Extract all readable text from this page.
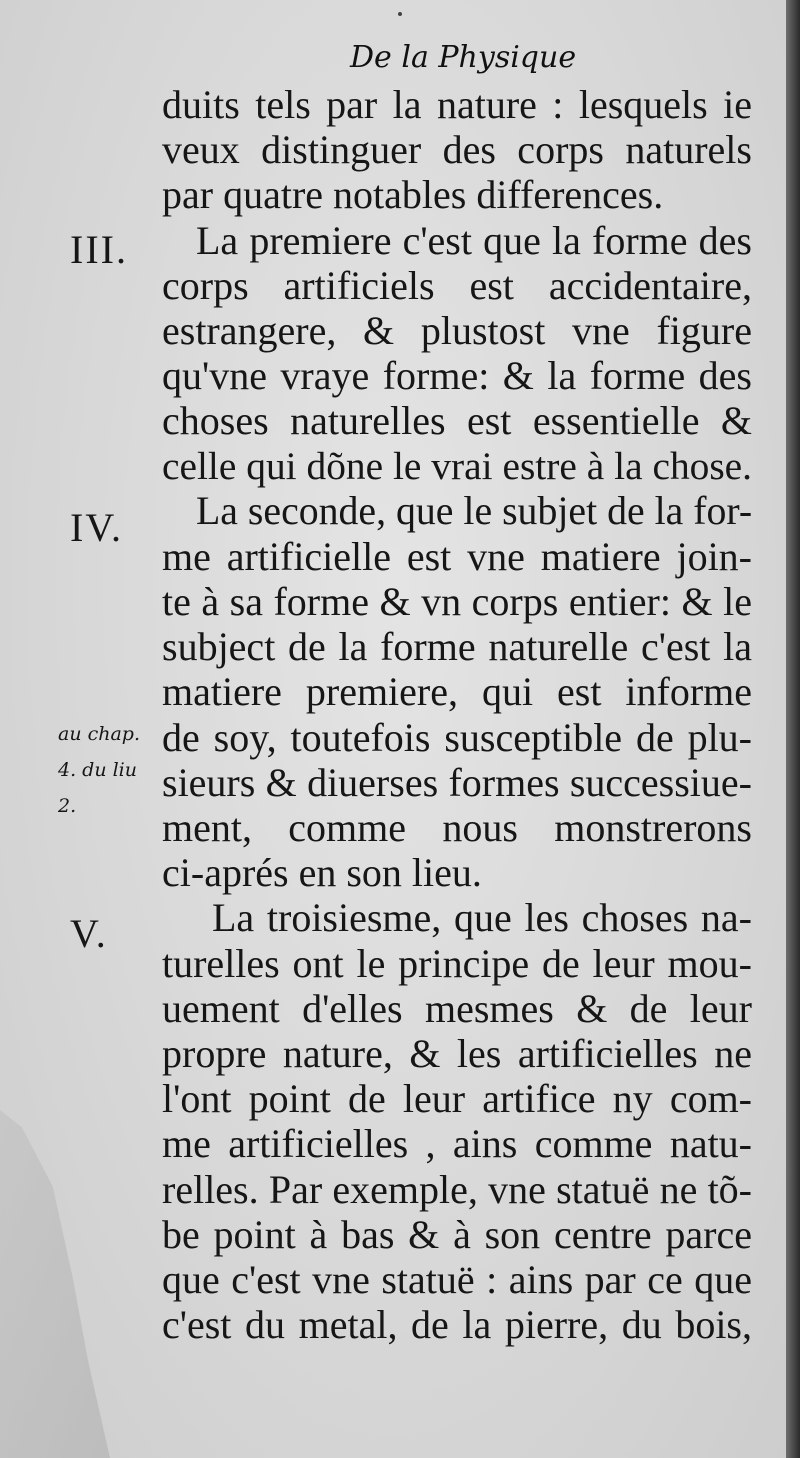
De la Physique
III.
IV.
V.
au chap.
4. du liu
2.
duits tels par la nature : lesquels ie
veux distinguer des corps naturels
par quatre notables differences.
La premiere c'est que la forme des
corps artificiels est accidentaire,
estrangere, & plustost vne figure
qu'vne vraye forme: & la forme des
choses naturelles est essentielle &
celle qui dõne le vrai estre à la chose.
La seconde, que le subjet de la for-
me artificielle est vne matiere join-
te à sa forme & vn corps entier: & le
subject de la forme naturelle c'est la
matiere premiere, qui est informe
de soy, toutefois susceptible de plu-
sieurs & diuerses formes successiue-
ment, comme nous monstrerons
ci-aprés en son lieu.
La troisiesme, que les choses na-
turelles ont le principe de leur mou-
uement d'elles mesmes & de leur
propre nature, & les artificielles ne
l'ont point de leur artifice ny com-
me artificielles , ains comme natu-
relles. Par exemple, vne statuë ne tõ-
be point à bas & à son centre parce
que c'est vne statuë : ains par ce que
c'est du metal, de la pierre, du bois,
